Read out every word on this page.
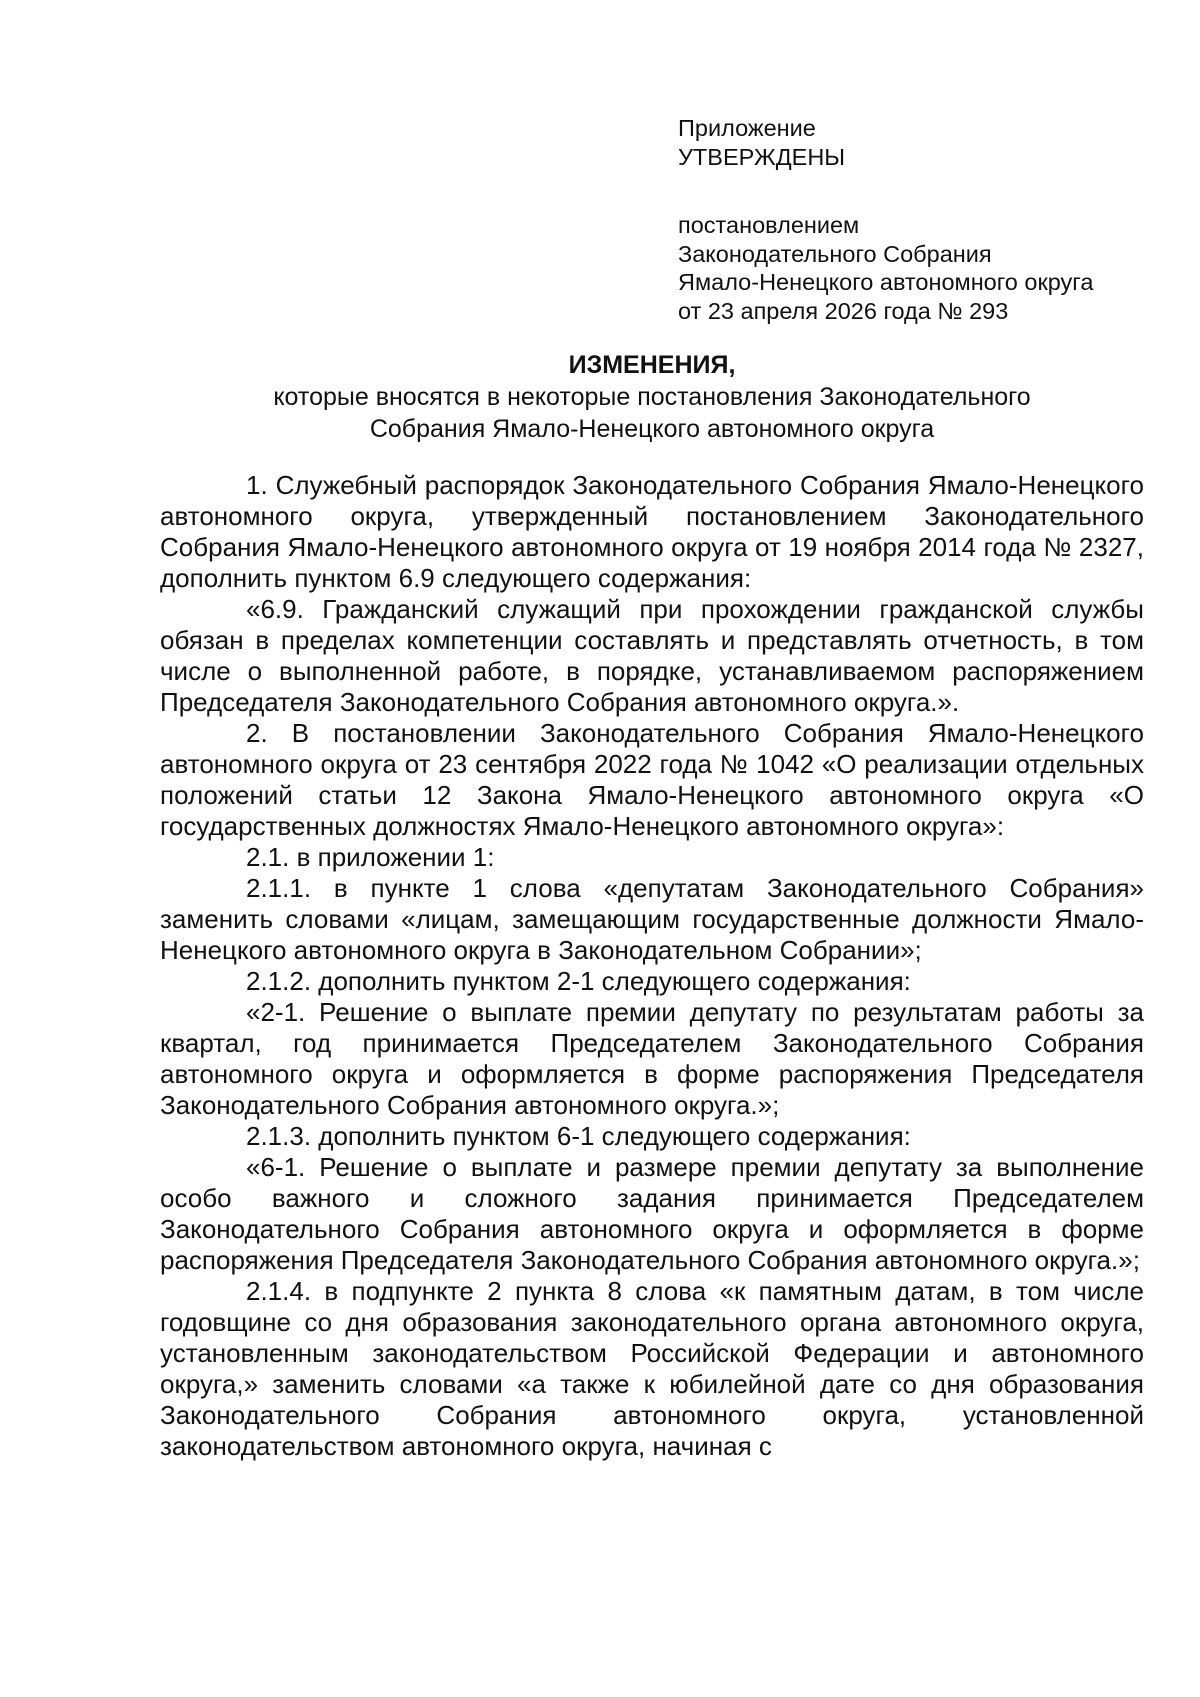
Приложение
УТВЕРЖДЕНЫ
постановлением
Законодательного Собрания
Ямало-Ненецкого автономного округа
от 23 апреля 2026 года № 293
ИЗМЕНЕНИЯ,
которые вносятся в некоторые постановления Законодательного
Собрания Ямало-Ненецкого автономного округа

1. Служебный распорядок Законодательного Собрания Ямало-Ненецкого автономного округа, утвержденный постановлением Законодательного Собрания Ямало-Ненецкого автономного округа от 19 ноября 2014 года № 2327, дополнить пунктом 6.9 следующего содержания:

«6.9. Гражданский служащий при прохождении гражданской службы обязан в пределах компетенции составлять и представлять отчетность, в том числе о выполненной работе, в порядке, устанавливаемом распоряжением Председателя Законодательного Собрания автономного округа.».

2. В постановлении Законодательного Собрания Ямало-Ненецкого автономного округа от 23 сентября 2022 года № 1042 «О реализации отдельных положений статьи 12 Закона Ямало-Ненецкого автономного округа «О государственных должностях Ямало-Ненецкого автономного округа»:

2.1. в приложении 1:

2.1.1. в пункте 1 слова «депутатам Законодательного Собрания» заменить словами «лицам, замещающим государственные должности Ямало-Ненецкого автономного округа в Законодательном Собрании»;

2.1.2. дополнить пунктом 2-1 следующего содержания:

«2-1. Решение о выплате премии депутату по результатам работы за квартал, год принимается Председателем Законодательного Собрания автономного округа и оформляется в форме распоряжения Председателя Законодательного Собрания автономного округа.»;

2.1.3. дополнить пунктом 6-1 следующего содержания:

«6-1. Решение о выплате и размере премии депутату за выполнение особо важного и сложного задания принимается Председателем Законодательного Собрания автономного округа и оформляется в форме распоряжения Председателя Законодательного Собрания автономного округа.»;

2.1.4. в подпункте 2 пункта 8 слова «к памятным датам, в том числе годовщине со дня образования законодательного органа автономного округа, установленным законодательством Российской Федерации и автономного округа,» заменить словами «а также к юбилейной дате со дня образования Законодательного Собрания автономного округа, установленной законодательством автономного округа, начиная с
